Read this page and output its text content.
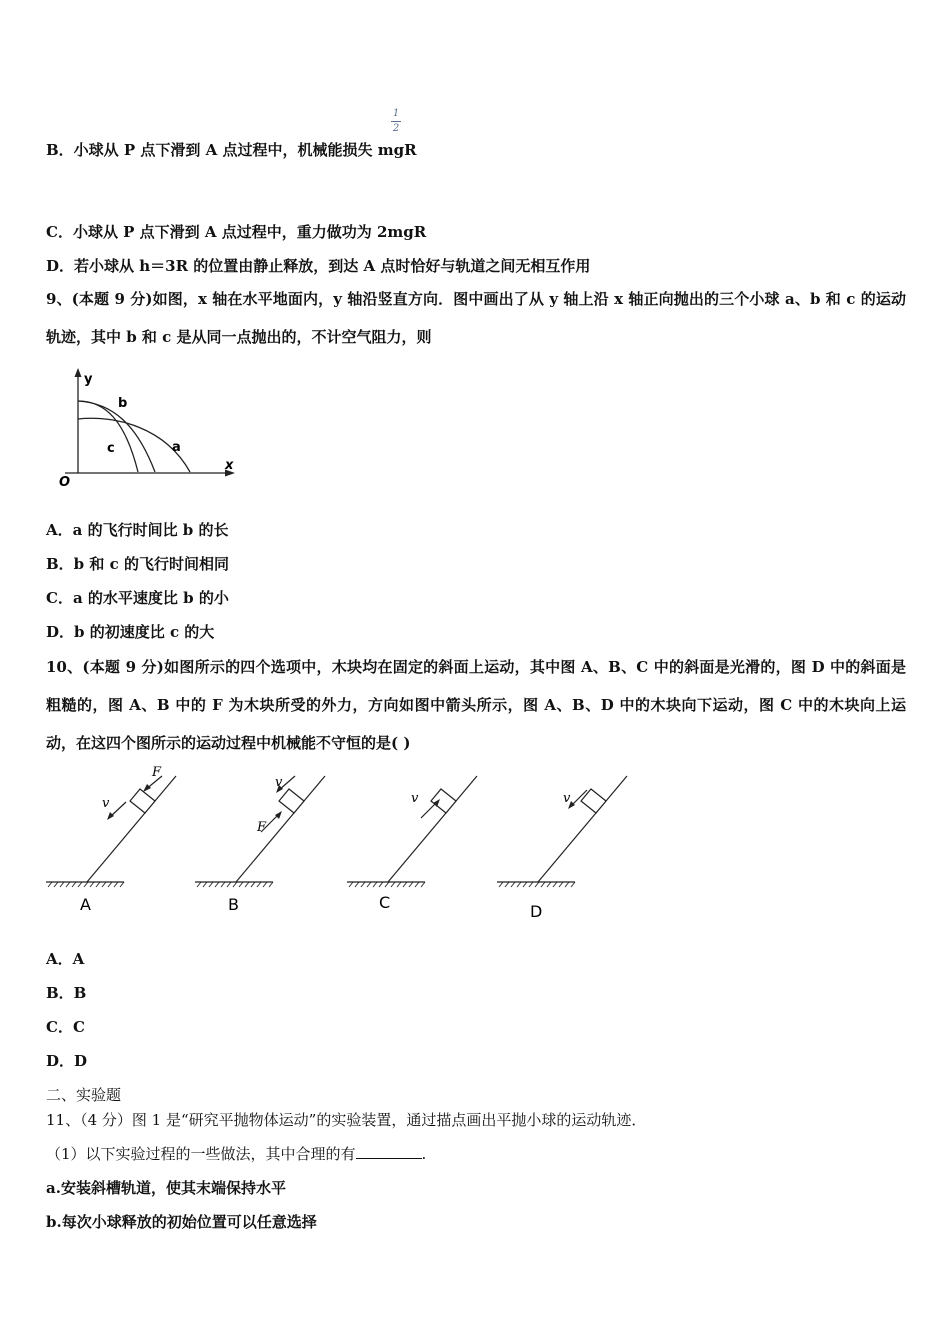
1
2
B．小球从 P 点下滑到 A 点过程中，机械能损失 mgR
C．小球从 P 点下滑到 A 点过程中，重力做功为 2mgR
D．若小球从 h＝3R 的位置由静止释放，到达 A 点时恰好与轨道之间无相互作用
9、(本题 9 分)如图，x 轴在水平地面内，y 轴沿竖直方向．图中画出了从 y 轴上沿 x 轴正向抛出的三个小球 a、b 和 c 的运动轨迹，其中 b 和 c 是从同一点抛出的，不计空气阻力，则
y
x
O
b
c	a
A．a 的飞行时间比 b 的长
B．b 和 c 的飞行时间相同
C．a 的水平速度比 b 的小
D．b 的初速度比 c 的大
10、(本题 9 分)如图所示的四个选项中，木块均在固定的斜面上运动，其中图 A、B、C 中的斜面是光滑的，图 D 中的斜面是粗糙的，图 A、B 中的 F 为木块所受的外力，方向如图中箭头所示，图 A、B、D 中的木块向下运动，图 C 中的木块向上运动，在这四个图所示的运动过程中机械能不守恒的是( )
F
v
A
v
F
B
v
C
v
D
A．A
B．B
C．C
D．D
二、实验题
11、（4 分）图 1 是“研究平抛物体运动”的实验装置，通过描点画出平抛小球的运动轨迹．
（1）以下实验过程的一些做法，其中合理的有	.
a.安装斜槽轨道，使其末端保持水平
b.每次小球释放的初始位置可以任意选择
